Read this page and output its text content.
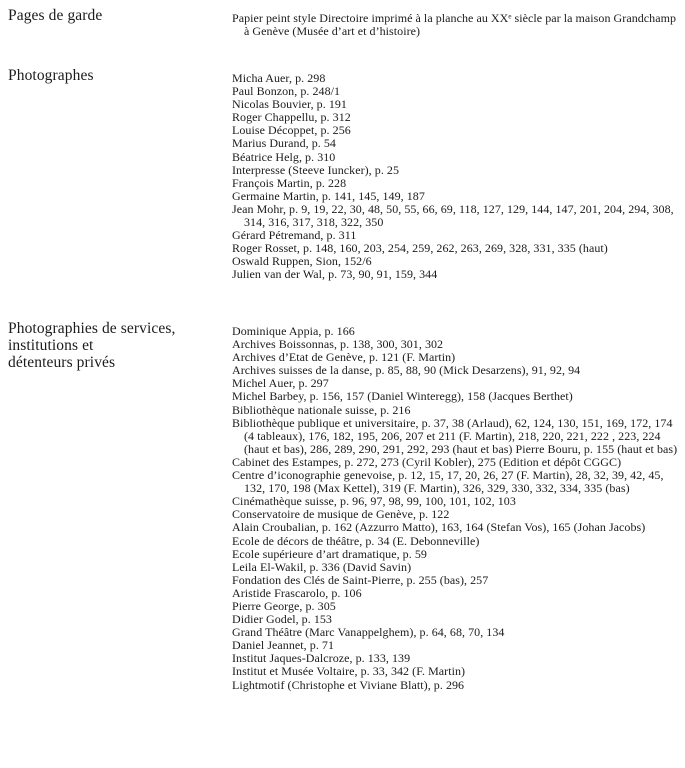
Pages de garde	Papier peint style Directoire imprimé à la planche au XXᵉ siècle par la maison Grandchamp à Genève (Musée d’art et d’histoire)
Photographes	Micha Auer, p. 298
Paul Bonzon, p. 248/1
Nicolas Bouvier, p. 191
Roger Chappellu, p. 312
Louise Décoppet, p. 256
Marius Durand, p. 54
Béatrice Helg, p. 310
Interpresse (Steeve Iuncker), p. 25
François Martin, p. 228
Germaine Martin, p. 141, 145, 149, 187
Jean Mohr, p. 9, 19, 22, 30, 48, 50, 55, 66, 69, 118, 127, 129, 144, 147, 201, 204, 294, 308, 314, 316, 317, 318, 322, 350
Gérard Pétremand, p. 311
Roger Rosset, p. 148, 160, 203, 254, 259, 262, 263, 269, 328, 331, 335 (haut)
Oswald Ruppen, Sion, 152/6
Julien van der Wal, p. 73, 90, 91, 159, 344
Photographies de services,
institutions et
détenteurs privés
Dominique Appia, p. 166
Archives Boissonnas, p. 138, 300, 301, 302
Archives d’Etat de Genève, p. 121 (F. Martin)
Archives suisses de la danse, p. 85, 88, 90 (Mick Desarzens), 91, 92, 94
Michel Auer, p. 297
Michel Barbey, p. 156, 157 (Daniel Winteregg), 158 (Jacques Berthet)
Bibliothèque nationale suisse, p. 216
Bibliothèque publique et universitaire, p. 37, 38 (Arlaud), 62, 124, 130, 151, 169, 172, 174 (4 tableaux), 176, 182, 195, 206, 207 et 211 (F. Martin), 218, 220, 221, 222 , 223, 224 (haut et bas), 286, 289, 290, 291, 292, 293 (haut et bas) Pierre Bouru, p. 155 (haut et bas)
Cabinet des Estampes, p. 272, 273 (Cyril Kobler), 275 (Edition et dépôt CGGC)
Centre d’iconographie genevoise, p. 12, 15, 17, 20, 26, 27 (F. Martin), 28, 32, 39, 42, 45, 132, 170, 198 (Max Kettel), 319 (F. Martin), 326, 329, 330, 332, 334, 335 (bas)
Cinémathèque suisse, p. 96, 97, 98, 99, 100, 101, 102, 103
Conservatoire de musique de Genève, p. 122
Alain Croubalian, p. 162 (Azzurro Matto), 163, 164 (Stefan Vos), 165 (Johan Jacobs)
Ecole de décors de théâtre, p. 34 (E. Debonneville)
Ecole supérieure d’art dramatique, p. 59
Leila El-Wakil, p. 336 (David Savin)
Fondation des Clés de Saint-Pierre, p. 255 (bas), 257
Aristide Frascarolo, p. 106
Pierre George, p. 305
Didier Godel, p. 153
Grand Théâtre (Marc Vanappelghem), p. 64, 68, 70, 134
Daniel Jeannet, p. 71
Institut Jaques-Dalcroze, p. 133, 139
Institut et Musée Voltaire, p. 33, 342 (F. Martin)
Lightmotif (Christophe et Viviane Blatt), p. 296
